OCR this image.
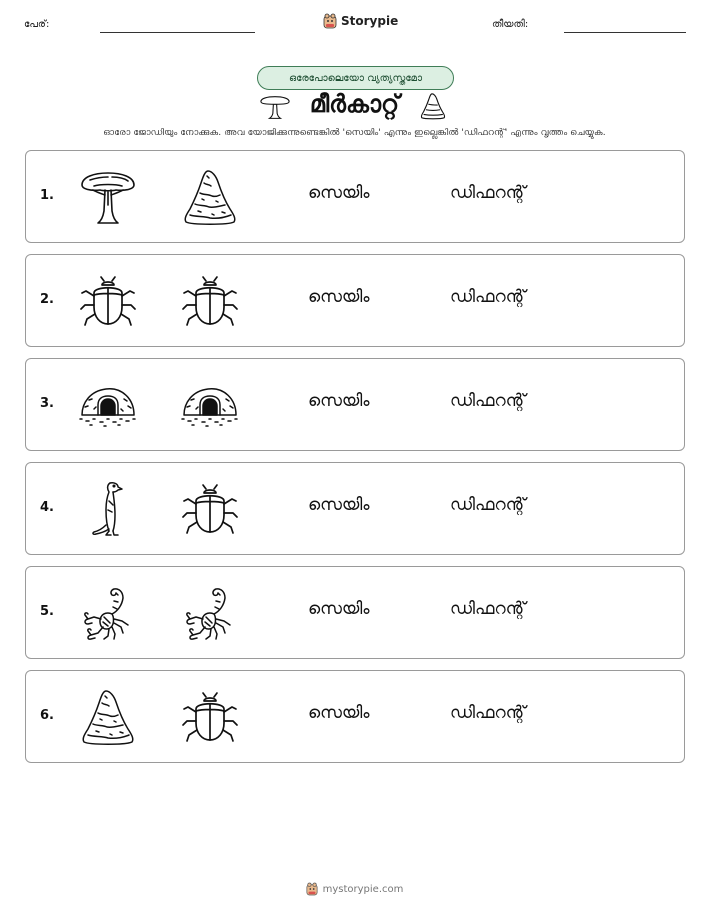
പേര്:	Storypie	തീയതി:
ഒരേപോലെയോ വ്യത്യസ്തമോ
മീർകാറ്റ്
ഓരോ ജോഡിയും നോക്കുക. അവ യോജിക്കുന്നുണ്ടെങ്കിൽ 'സെയിം' എന്നും ഇല്ലെങ്കിൽ 'ഡിഫറന്റ്' എന്നും വൃത്തം ചെയ്യുക.
1.	സെയിം	ഡിഫറന്റ്
2.	സെയിം	ഡിഫറന്റ്
3.	സെയിം	ഡിഫറന്റ്
4.	സെയിം	ഡിഫറന്റ്
5.	സെയിം	ഡിഫറന്റ്
6.	സെയിം	ഡിഫറന്റ്
mystorypie.com
